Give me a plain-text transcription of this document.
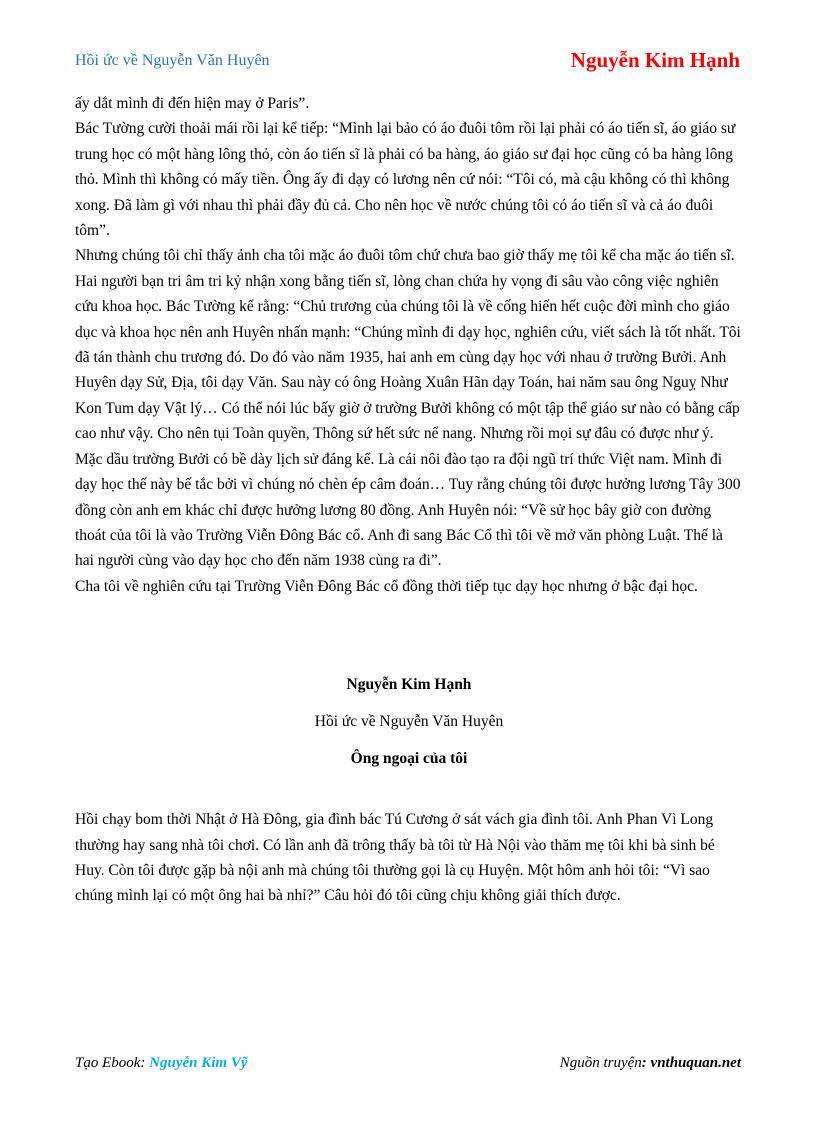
Hồi ức về Nguyễn Văn Huyên	Nguyễn Kim Hạnh

ấy dắt mình đi đến hiện may ở Paris”.

Bác Tường cười thoải mái rồi lại kể tiếp: “Mình lại bảo có áo đuôi tôm rồi lại phải có áo tiến sĩ, áo giáo sư trung học có một hàng lông thỏ, còn áo tiến sĩ là phải có ba hàng, áo giáo sư đại học cũng có ba hàng lông thỏ. Mình thì không có mấy tiền. Ông ấy đi dạy có lương nên cứ nói: “Tôi có, mà cậu không có thì không xong. Đã làm gì với nhau thì phải đầy đủ cả. Cho nên học về nước chúng tôi có áo tiến sĩ và cả áo đuôi tôm”.

Nhưng chúng tôi chỉ thấy ảnh cha tôi mặc áo đuôi tôm chứ chưa bao giờ thấy mẹ tôi kể cha mặc áo tiến sĩ.

Hai người bạn tri âm tri kỷ nhận xong bằng tiến sĩ, lòng chan chứa hy vọng đi sâu vào công việc nghiên cứu khoa học. Bác Tường kể rằng: “Chủ trương của chúng tôi là về cống hiến hết cuộc đời mình cho giáo dục và khoa học nên anh Huyên nhấn mạnh: “Chúng mình đi dạy học, nghiên cứu, viết sách là tốt nhất. Tôi đã tán thành chu trương đó. Do đó vào năm 1935, hai anh em cùng dạy học với nhau ở trường Bưởi. Anh Huyên dạy Sử, Địa, tôi dạy Văn. Sau này có ông Hoàng Xuân Hãn dạy Toán, hai năm sau ông Nguỵ Như Kon Tum dạy Vật lý… Có thể nói lúc bấy giờ ở trường Bưởi không có một tập thể giáo sư nào có bằng cấp cao như vậy. Cho nên tụi Toàn quyền, Thông sứ hết sức nể nang. Nhưng rồi mọi sự đâu có được như ý. Mặc dầu trường Bưởi có bề dày lịch sử đáng kể. Là cái nôi đào tạo ra đội ngũ trí thức Việt nam. Mình đi dạy học thế này bế tắc bởi vì chúng nó chèn ép câm đoán… Tuy rằng chúng tôi được hưởng lương Tây 300 đồng còn anh em khác chỉ được hưởng lương 80 đồng. Anh Huyên nói: “Về sử học bây giờ con đường thoát của tôi là vào Trường Viễn Đông Bác cổ. Anh đi sang Bác Cổ thì tôi về mở văn phòng Luật. Thế là hai người cùng vào dạy học cho đến năm 1938 cùng ra đi”.

Cha tôi về nghiên cứu tại Trường Viễn Đông Bác cổ đồng thời tiếp tục dạy học nhưng ở bậc đại học.

Nguyễn Kim Hạnh

Hồi ức về Nguyễn Văn Huyên

Ông ngoại của tôi

Hồi chạy bom thời Nhật ở Hà Đông, gia đình bác Tú Cương ở sát vách gia đình tôi. Anh Phan Vì Long thường hay sang nhà tôi chơi. Có lần anh đã trông thấy bà tôi từ Hà Nội vào thăm mẹ tôi khi bà sinh bé Huy. Còn tôi được gặp bà nội anh mà chúng tôi thường gọi là cụ Huyện. Một hôm anh hỏi tôi: “Vì sao chúng mình lại có một ông hai bà nhỉ?” Câu hỏi đó tôi cũng chịu không giải thích được.

Tạo Ebook: Nguyễn Kim Vỹ	Nguồn truyện: vnthuquan.net
